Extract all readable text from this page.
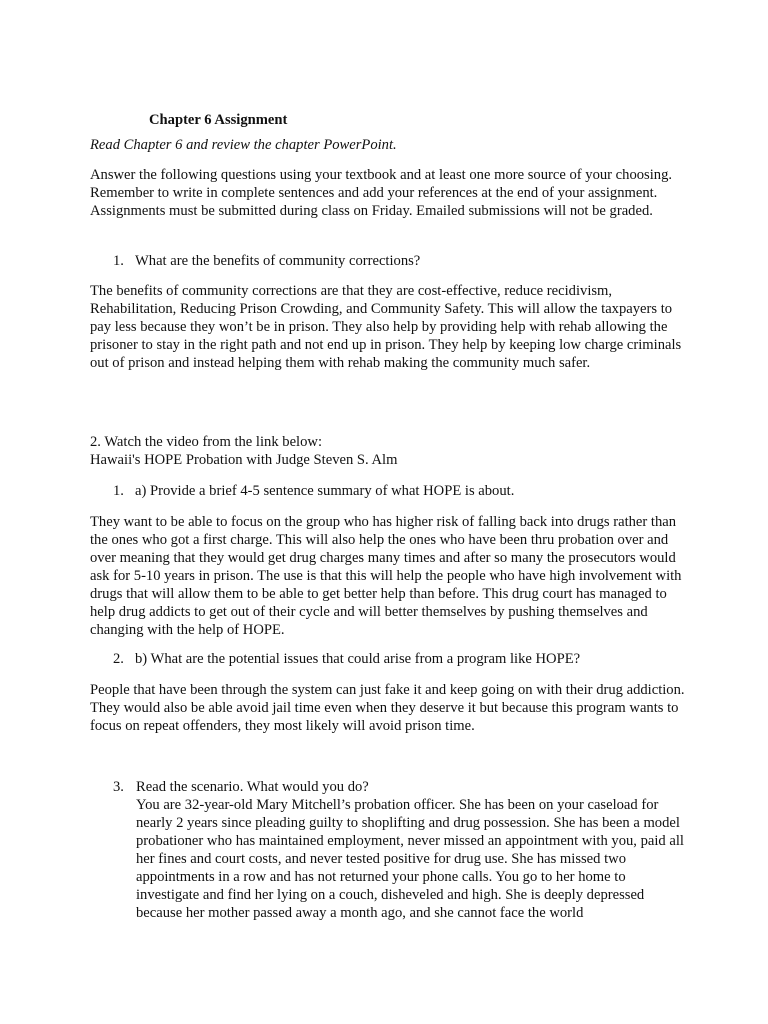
Chapter 6 Assignment
Read Chapter 6 and review the chapter PowerPoint.

Answer the following questions using your textbook and at least one more source of your choosing. Remember to write in complete sentences and add your references at the end of your assignment. Assignments must be submitted during class on Friday. Emailed submissions will not be graded.

1. What are the benefits of community corrections?

The benefits of community corrections are that they are cost-effective, reduce recidivism, Rehabilitation, Reducing Prison Crowding, and Community Safety. This will allow the taxpayers to pay less because they won’t be in prison. They also help by providing help with rehab allowing the prisoner to stay in the right path and not end up in prison. They help by keeping low charge criminals out of prison and instead helping them with rehab making the community much safer.

2. Watch the video from the link below:
Hawaii's HOPE Probation with Judge Steven S. Alm
1. a) Provide a brief 4-5 sentence summary of what HOPE is about.

They want to be able to focus on the group who has higher risk of falling back into drugs rather than the ones who got a first charge. This will also help the ones who have been thru probation over and over meaning that they would get drug charges many times and after so many the prosecutors would ask for 5-10 years in prison. The use is that this will help the people who have high involvement with drugs that will allow them to be able to get better help than before. This drug court has managed to help drug addicts to get out of their cycle and will better themselves by pushing themselves and changing with the help of HOPE.

2. b) What are the potential issues that could arise from a program like HOPE?

People that have been through the system can just fake it and keep going on with their drug addiction. They would also be able avoid jail time even when they deserve it but because this program wants to focus on repeat offenders, they most likely will avoid prison time.

3. Read the scenario. What would you do?

You are 32-year-old Mary Mitchell’s probation officer. She has been on your caseload for nearly 2 years since pleading guilty to shoplifting and drug possession. She has been a model probationer who has maintained employment, never missed an appointment with you, paid all her fines and court costs, and never tested positive for drug use. She has missed two appointments in a row and has not returned your phone calls. You go to her home to investigate and find her lying on a couch, disheveled and high. She is deeply depressed because her mother passed away a month ago, and she cannot face the world
